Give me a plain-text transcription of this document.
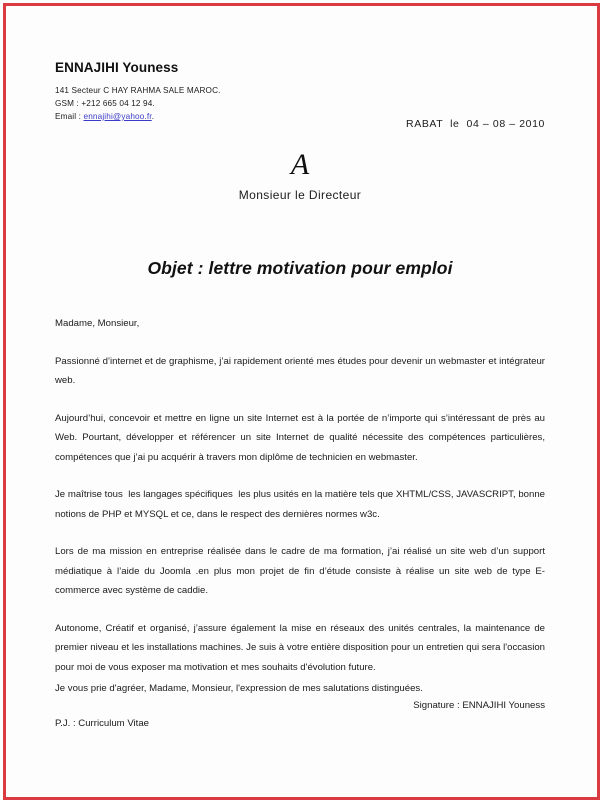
ENNAJIHI Youness
141 Secteur C HAY RAHMA SALE MAROC.
GSM : +212 665 04 12 94.
Email : ennajihi@yahoo.fr.
RABAT  le  04 – 08 – 2010
A
Monsieur le Directeur
Objet : lettre motivation pour emploi

Madame, Monsieur,

Passionné d’internet et de graphisme, j’ai rapidement orienté mes études pour devenir un webmaster et intégrateur web.

Aujourd’hui, concevoir et mettre en ligne un site Internet est à la portée de n’importe qui s’intéressant de près au Web. Pourtant, développer et référencer un site Internet de qualité nécessite des compétences particulières, compétences que j’ai pu acquérir à travers mon diplôme de technicien en webmaster.

Je maîtrise tous  les langages spécifiques  les plus usités en la matière tels que XHTML/CSS, JAVASCRIPT, bonne notions de PHP et MYSQL et ce, dans le respect des dernières normes w3c.

Lors de ma mission en entreprise réalisée dans le cadre de ma formation, j’ai réalisé un site web d’un support médiatique à l’aide du Joomla .en plus mon projet de fin d’étude consiste à réalise un site web de type E-commerce avec système de caddie.

Autonome, Créatif et organisé, j’assure également la mise en réseaux des unités centrales, la maintenance de premier niveau et les installations machines. Je suis à votre entière disposition pour un entretien qui sera l'occasion pour moi de vous exposer ma motivation et mes souhaits d'évolution future.

Je vous prie d'agréer, Madame, Monsieur, l'expression de mes salutations distinguées.

Signature : ENNAJIHI Youness
P.J. : Curriculum Vitae
